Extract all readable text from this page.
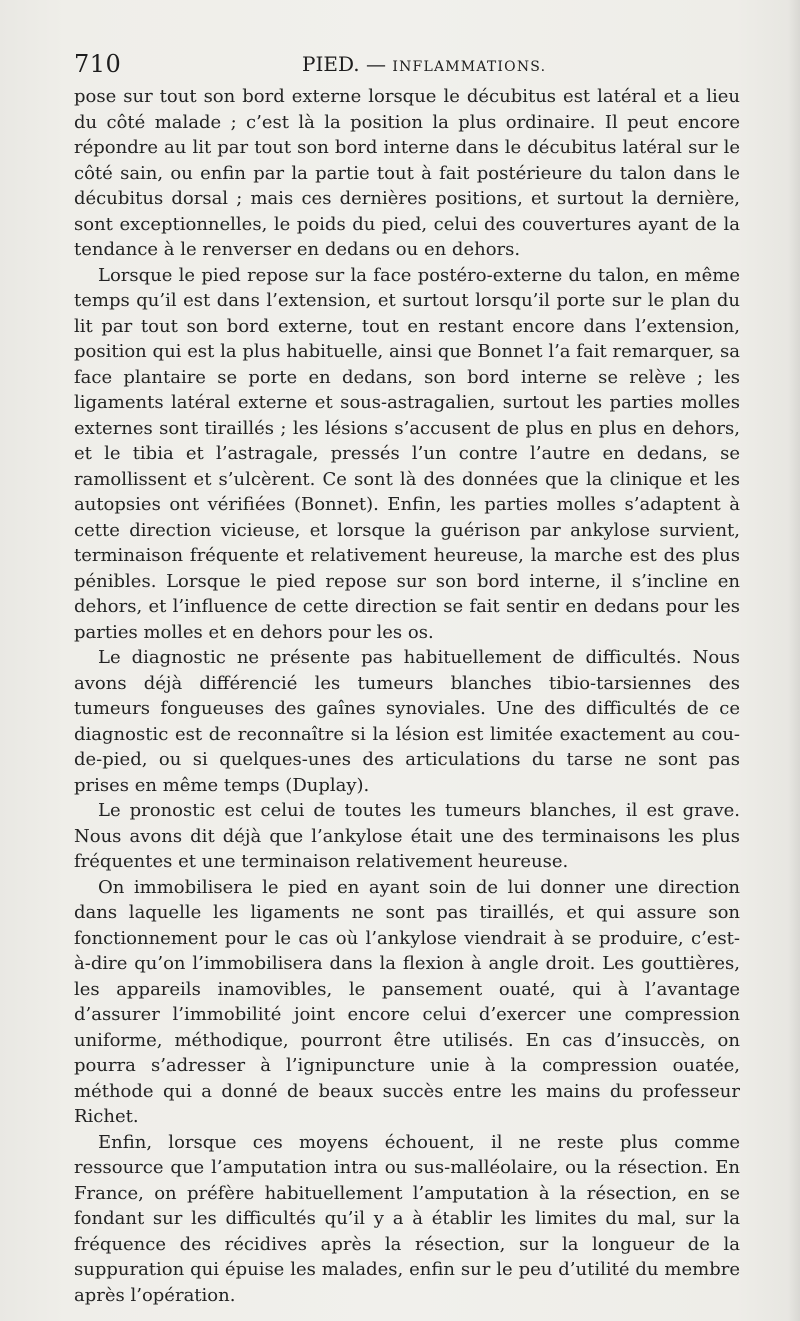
710	PIED. — INFLAMMATIONS.

pose sur tout son bord externe lorsque le décubitus est latéral et a lieu du côté malade ; c’est là la position la plus ordinaire. Il peut encore répondre au lit par tout son bord interne dans le décubitus latéral sur le côté sain, ou enfin par la partie tout à fait postérieure du talon dans le décubitus dorsal ; mais ces dernières positions, et surtout la dernière, sont exceptionnelles, le poids du pied, celui des couvertures ayant de la tendance à le renverser en dedans ou en dehors.

Lorsque le pied repose sur la face postéro-externe du talon, en même temps qu’il est dans l’extension, et surtout lorsqu’il porte sur le plan du lit par tout son bord externe, tout en restant encore dans l’extension, position qui est la plus habituelle, ainsi que Bonnet l’a fait remarquer, sa face plantaire se porte en dedans, son bord interne se relève ; les ligaments latéral externe et sous-astragalien, surtout les parties molles externes sont tiraillés ; les lésions s’accusent de plus en plus en dehors, et le tibia et l’astragale, pressés l’un contre l’autre en dedans, se ramollissent et s’ulcèrent. Ce sont là des données que la clinique et les autopsies ont vérifiées (Bonnet). Enfin, les parties molles s’adaptent à cette direction vicieuse, et lorsque la guérison par ankylose survient, terminaison fréquente et relativement heureuse, la marche est des plus pénibles. Lorsque le pied repose sur son bord interne, il s’incline en dehors, et l’influence de cette direction se fait sentir en dedans pour les parties molles et en dehors pour les os.

Le diagnostic ne présente pas habituellement de difficultés. Nous avons déjà différencié les tumeurs blanches tibio-tarsiennes des tumeurs fongueuses des gaînes synoviales. Une des difficultés de ce diagnostic est de reconnaître si la lésion est limitée exactement au cou-de-pied, ou si quelques-unes des articulations du tarse ne sont pas prises en même temps (Duplay).

Le pronostic est celui de toutes les tumeurs blanches, il est grave. Nous avons dit déjà que l’ankylose était une des terminaisons les plus fréquentes et une terminaison relativement heureuse.

On immobilisera le pied en ayant soin de lui donner une direction dans laquelle les ligaments ne sont pas tiraillés, et qui assure son fonctionnement pour le cas où l’ankylose viendrait à se produire, c’est-à-dire qu’on l’immobilisera dans la flexion à angle droit. Les gouttières, les appareils inamovibles, le pansement ouaté, qui à l’avantage d’assurer l’immobilité joint encore celui d’exercer une compression uniforme, méthodique, pourront être utilisés. En cas d’insuccès, on pourra s’adresser à l’ignipuncture unie à la compression ouatée, méthode qui a donné de beaux succès entre les mains du professeur Richet.

Enfin, lorsque ces moyens échouent, il ne reste plus comme ressource que l’amputation intra ou sus-malléolaire, ou la résection. En France, on préfère habituellement l’amputation à la résection, en se fondant sur les difficultés qu’il y a à établir les limites du mal, sur la fréquence des récidives après la résection, sur la longueur de la suppuration qui épuise les malades, enfin sur le peu d’utilité du membre après l’opération.
